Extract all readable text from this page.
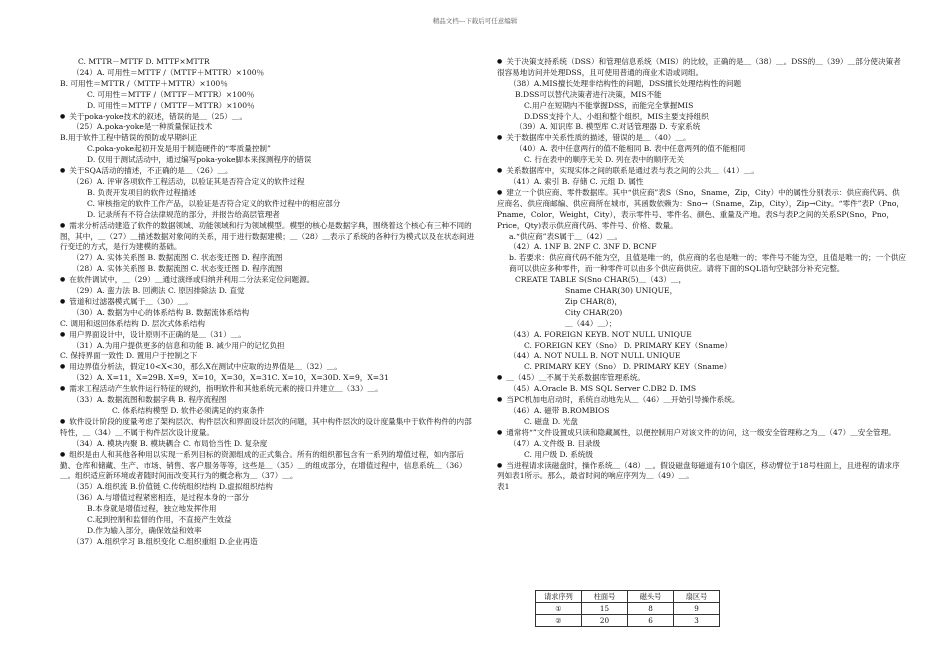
精品文档---下载后可任意编辑
C. MTTR－MTTF D. MTTF×MTTR
（24）A. 可用性＝MTTF /（MTTF＋MTTR）×100％
B. 可用性＝MTTR /（MTTF＋MTTR）×100％
C. 可用性＝MTTF /（MTTF－MTTR）×100％
D. 可用性＝MTTF /（MTTF－MTTR）×100％
● 关于poka-yoke技术的叙述，错误的是＿（25）＿。
（25）A.poka-yoke是一种质量保证技术
B.用于软件工程中错误的预防或早期纠正
C.poka-yoke起初开发是用于制造硬件的“零质量控制”
D. 仅用于测试活动中，通过编写poka-yoke脚本来探测程序的错误
● 关于SQA活动的描述，不正确的是＿（26）＿。
（26）A. 评审各项软件工程活动，以验证其是否符合定义的软件过程
B. 负责开发项目的软件过程描述
C. 审核指定的软件工作产品，以验证是否符合定义的软件过程中的相应部分
D. 记录所有不符合法律规范的部分，并报告给高层管理者
● 需求分析活动建造了软件的数据领域、功能领域和行为领域模型。模型的核心是数据字典，围绕着这个核心有三种不同的图，其中，＿（27）＿描述数据对象间的关系，用于进行数据建模；＿（28）＿表示了系统的各种行为模式以及在状态间进行变迁的方式，是行为建模的基础。
（27）A. 实体关系图 B. 数据流图 C. 状态变迁图 D. 程序流图
（28）A. 实体关系图 B. 数据流图 C. 状态变迁图 D. 程序流图
● 在软件调试中，＿（29）＿通过演绎或归纳并利用二分法来定位问题源。
（29）A. 蛮力法 B. 回溯法 C. 原因排除法 D. 直觉
● 管道和过滤器模式属于＿（30）＿。
（30）A. 数据为中心的体系结构 B. 数据流体系结构
C. 调用和返回体系结构 D. 层次式体系结构
● 用户界面设计中，设计原则不正确的是＿（31）＿。
（31）A.为用户提供更多的信息和功能 B. 减少用户的记忆负担
C. 保持界面一致性 D. 置用户于控制之下
● 用边界值分析法，假定10<X<30，那么X在测试中应取的边界值是＿（32）＿。
（32）A. X=11，X=29B. X=9，X=10，X=30，X=31C. X=10，X=30D. X=9，X=31
● 需求工程活动产生软件运行特征的规约，指明软件和其他系统元素的接口并建立＿（33）＿。
（33）A. 数据流图和数据字典 B. 程序流程图
C. 体系结构模型 D. 软件必须满足的约束条件
● 软件设计阶段的度量考虑了架构层次、构件层次和界面设计层次的问题，其中构件层次的设计度量集中于软件构件的内部特性，＿（34）＿不属于构件层次设计度量。
（34）A. 模块内聚 B. 模块耦合 C. 布局恰当性 D. 复杂度
● 组织是由人和其他各种用以实现一系列目标的资源组成的正式集合。所有的组织都包含有一系列的增值过程，如内部后勤、仓库和储藏、生产、市场、销售、客户服务等等，这些是＿（35）＿的组成部分，在增值过程中，信息系统＿（36）＿。组织适应新环境或者随时间而改变其行为的概念称为＿（37）＿。
（35）A.组织流 B.价值链 C.传统组织结构 D.虚拟组织结构
（36）A.与增值过程紧密相连，是过程本身的一部分
B.本身就是增值过程，独立地发挥作用
C.起到控制和监督的作用，不直接产生效益
D.作为输入部分，确保效益和效率
（37）A.组织学习 B.组织变化 C.组织重组 D.企业再造
● 关于决策支持系统（DSS）和管理信息系统（MIS）的比较，正确的是＿（38）＿。DSS的＿（39）＿部分使决策者很容易地访问并处理DSS，且可使用普通的商业术语或词组。
（38）A.MIS擅长处理非结构性的问题，DSS擅长处理结构性的问题
B.DSS可以替代决策者进行决策，MIS不能
C.用户在短期内不能掌握DSS，而能完全掌握MIS
D.DSS支持个人、小组和整个组织，MIS主要支持组织
（39）A. 知识库 B. 模型库 C.对话管理器 D. 专家系统
● 关于数据库中关系性质的描述，错误的是＿（40）＿。
（40）A. 表中任意两行的值不能相同 B. 表中任意两列的值不能相同
C. 行在表中的顺序无关 D. 列在表中的顺序无关
● 关系数据库中，实现实体之间的联系是通过表与表之间的公共＿（41）＿。
（41）A. 索引 B. 存储 C. 元组 D. 属性
● 建立一个供应商、零件数据库。其中“供应商”表S（Sno，Sname，Zip，City）中的属性分别表示：供应商代码、供应商名、供应商邮编、供应商所在城市，其函数依赖为：Sno→（Sname，Zip，City），Zip→City。“零件”表P（Pno，Pname，Color，Weight，City），表示零件号、零件名、颜色、重量及产地。表S与表P之间的关系SP(Sno，Pno，Price，Qty)表示供应商代码、零件号、价格、数量。
a.“供应商”表S属于＿（42）＿。
（42）A. 1NF B. 2NF C. 3NF D. BCNF
b. 若要求：供应商代码不能为空，且值是唯一的，供应商的名也是唯一的；零件号不能为空，且值是唯一的；一个供应商可以供应多种零件，而一种零件可以由多个供应商供应。请将下面的SQL语句空缺部分补充完整。
CREATE TABLE S(Sno CHAR(5)＿（43）＿，
Sname CHAR(30) UNIQUE，
Zip CHAR(8)，
City CHAR(20)
＿（44）＿）；
（43）A. FOREIGN KEYB. NOT NULL UNIQUE
C. FOREIGN KEY（Sno） D. PRIMARY KEY（Sname）
（44）A. NOT NULL B. NOT NULL UNIQUE
C. PRIMARY KEY（Sno） D. PRIMARY KEY（Sname）
● ＿（45）＿不属于关系数据库管理系统。
（45）A.Oracle B. MS SQL Server C.DB2 D. IMS
● 当PC机加电启动时，系统自动地先从＿（46）＿开始引导操作系统。
（46）A. 磁带 B.ROMBIOS
C. 磁盘 D. 光盘
● 通常将“”文件设置成只读和隐藏属性，以便控制用户对该文件的访问，这一级安全管理称之为＿（47）＿安全管理。
（47）A.文件级 B. 目录级
C. 用户级 D. 系统级
● 当进程请求读磁盘时，操作系统＿（48）＿。假设磁盘每磁道有10个扇区，移动臂位于18号柱面上，且进程的请求序列如表1所示。那么，最省时间的响应序列为＿（49）＿。
表1
请求序列	柱面号	磁头号	扇区号
①	15	8	9
②	20	6	3
